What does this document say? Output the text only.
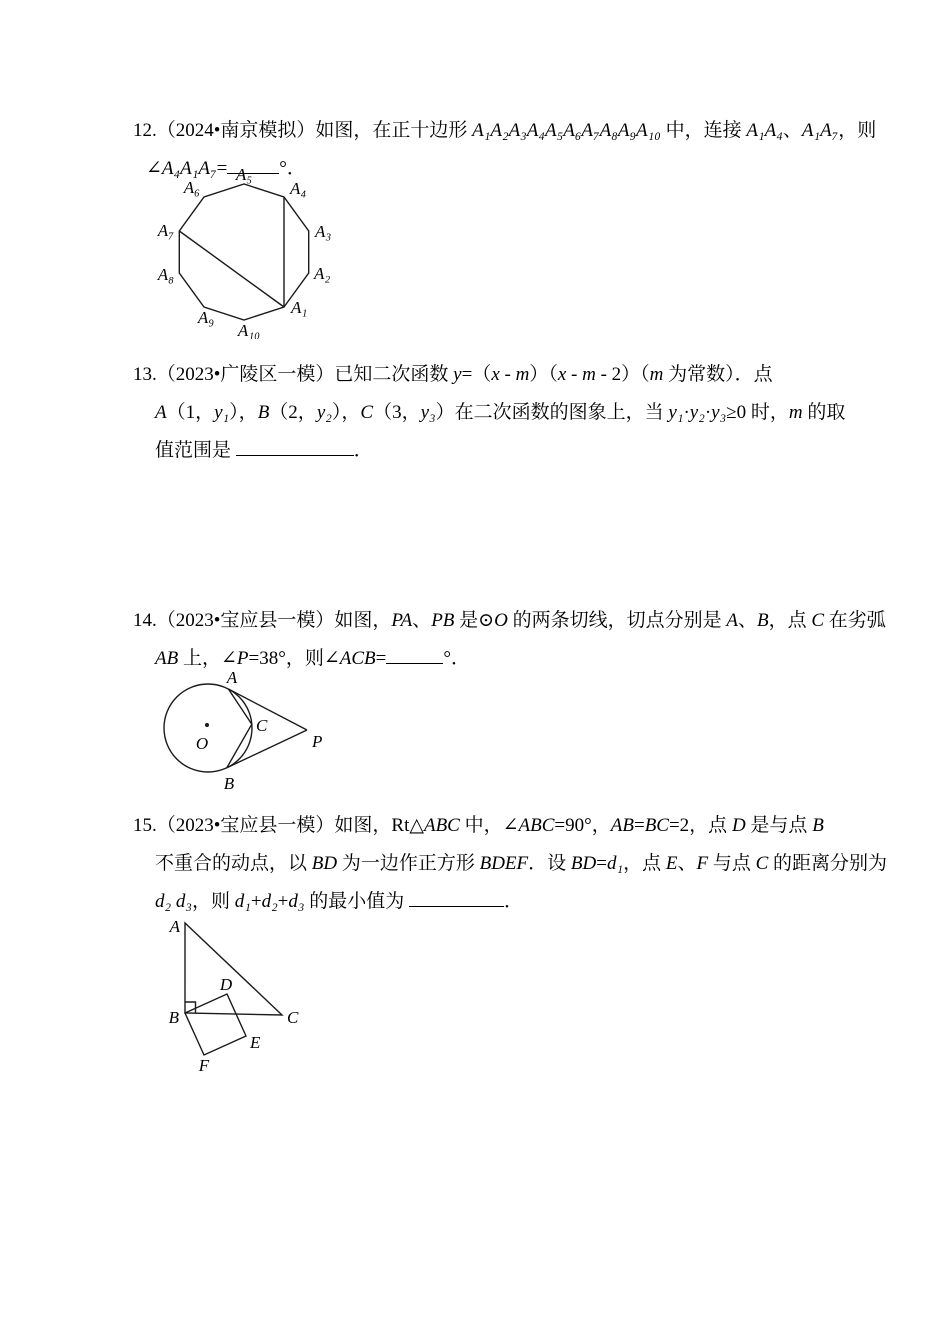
12.（2024•南京模拟）如图，在正十边形 A₁A₂A₃A₄A₅A₆A₇A₈A₉A₁₀ 中，连接 A₁A₄、A₁A₇，则
∠A₄A₁A₇=	°．
A₁
A₂
A₃
A₄
A₅
A₆
A₇
A₈
A₉
A₁₀
13.（2023•广陵区一模）已知二次函数 y=（x - m）（x - m - 2）（m 为常数）．点
A（1，y₁），B（2，y₂），C（3，y₃）在二次函数的图象上，当 y₁·y₂·y₃≥0 时，m 的取
值范围是	．
14.（2023•宝应县一模）如图，PA、PB 是⊙O 的两条切线，切点分别是 A、B，点 C 在劣弧
AB 上，∠P=38°，则∠ACB=	°．
O
A
B
C
P
15.（2023•宝应县一模）如图，Rt△ABC 中，∠ABC=90°，AB=BC=2，点 D 是与点 B
不重合的动点，以 BD 为一边作正方形 BDEF．设 BD=d₁，点 E、F 与点 C 的距离分别为
d₂ d₃，则 d₁+d₂+d₃ 的最小值为	．
A
B	C
D
E
F
